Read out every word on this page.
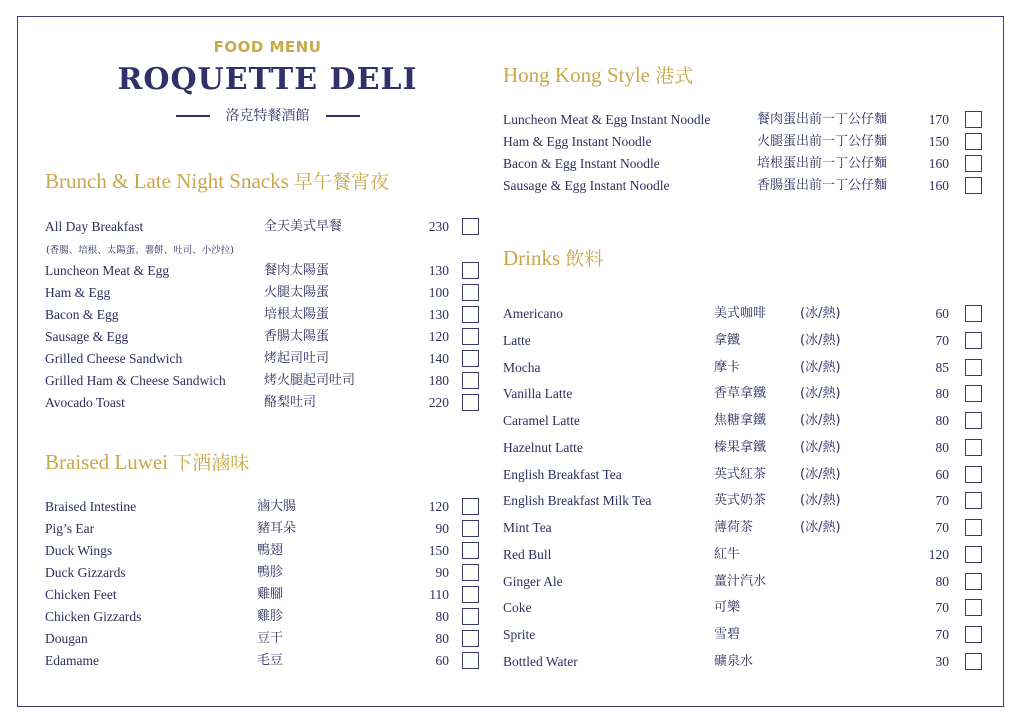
FOOD MENU
ROQUETTE DELI
洛克特餐酒館
Brunch & Late Night Snacks 早午餐宵夜
Braised Luwei 下酒滷味
Hong Kong Style 港式
Drinks 飲料
(香腸、培根、太陽蛋、薯餅、吐司、小沙拉)
All Day Breakfast	全天美式早餐	230
Luncheon Meat & Egg	餐肉太陽蛋	130
Ham & Egg	火腿太陽蛋	100
Bacon & Egg	培根太陽蛋	130
Sausage & Egg	香腸太陽蛋	120
Grilled Cheese Sandwich	烤起司吐司	140
Grilled Ham & Cheese Sandwich	烤火腿起司吐司	180
Avocado Toast	酪梨吐司	220
Braised Intestine	滷大腸	120
Pig’s Ear	豬耳朵	90
Duck Wings	鴨翅	150
Duck Gizzards	鴨胗	90
Chicken Feet	雞腳	110
Chicken Gizzards	雞胗	80
Dougan	豆干	80
Edamame	毛豆	60
Luncheon Meat & Egg Instant Noodle	餐肉蛋出前一丁公仔麵	170
Ham & Egg Instant Noodle	火腿蛋出前一丁公仔麵	150
Bacon & Egg Instant Noodle	培根蛋出前一丁公仔麵	160
Sausage & Egg Instant Noodle	香腸蛋出前一丁公仔麵	160
Americano	美式咖啡	(冰/熱)	60
Latte	拿鐵	(冰/熱)	70
Mocha	摩卡	(冰/熱)	85
Vanilla Latte	香草拿鐵	(冰/熱)	80
Caramel Latte	焦糖拿鐵	(冰/熱)	80
Hazelnut Latte	榛果拿鐵	(冰/熱)	80
English Breakfast Tea	英式紅茶	(冰/熱)	60
English Breakfast Milk Tea	英式奶茶	(冰/熱)	70
Mint Tea	薄荷茶	(冰/熱)	70
Red Bull	紅牛	120
Ginger Ale	薑汁汽水	80
Coke	可樂	70
Sprite	雪碧	70
Bottled Water	礦泉水	30
